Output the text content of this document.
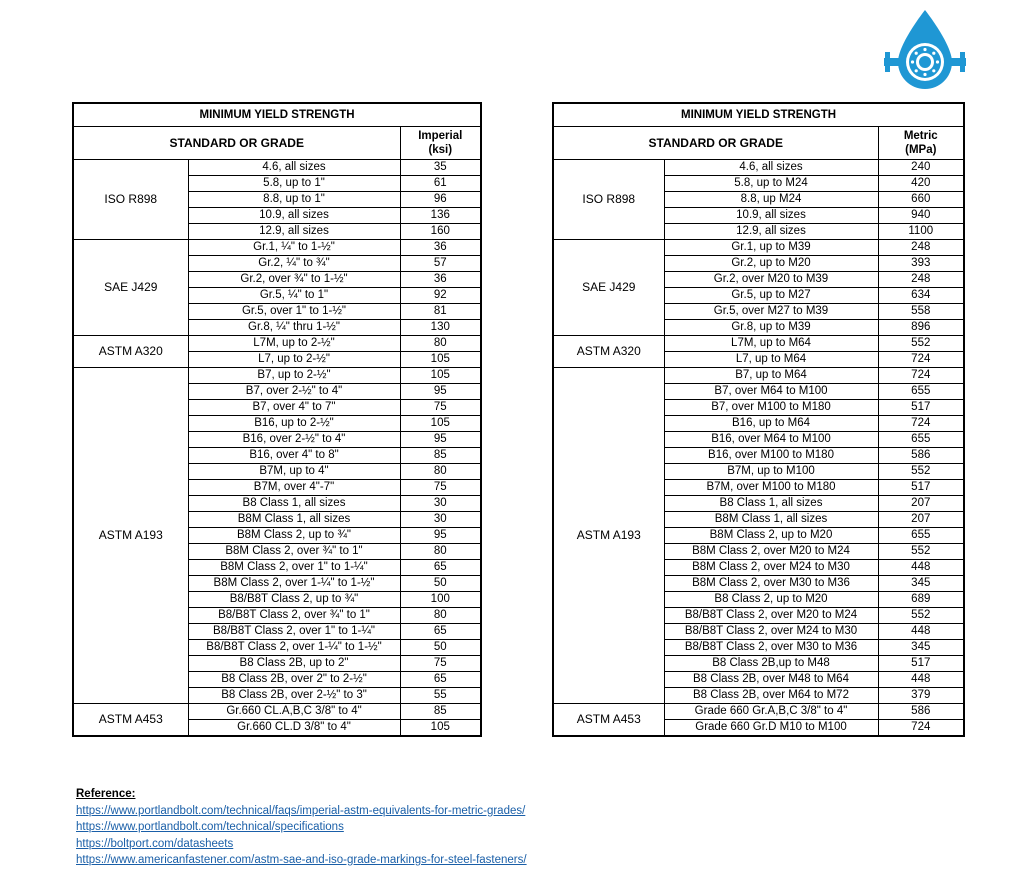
MINIMUM YIELD STRENGTH		
STANDARD OR GRADE		Imperial
(ksi)
ISO R898	4.6, all sizes	35
	5.8, up to 1"	61
	8.8, up to 1"	96
	10.9, all sizes	136
	12.9, all sizes	160
SAE J429	Gr.1, ¼" to 1-½"	36
	Gr.2, ¼" to ¾"	57
	Gr.2, over ¾" to 1-½"	36
	Gr.5, ¼" to 1"	92
	Gr.5, over 1" to 1-½"	81
	Gr.8, ¼" thru 1-½"	130
ASTM A320	L7M, up to 2-½"	80
	L7, up to 2-½"	105
ASTM A193	B7, up to 2-½"	105
	B7, over 2-½" to 4"	95
	B7, over 4" to 7"	75
	B16, up to 2-½"	105
	B16, over 2-½" to 4"	95
	B16, over 4" to 8"	85
	B7M, up to 4"	80
	B7M, over 4"-7"	75
	B8 Class 1, all sizes	30
	B8M Class 1, all sizes	30
	B8M Class 2, up to ¾"	95
	B8M Class 2, over ¾" to 1"	80
	B8M Class 2, over 1" to 1-¼"	65
	B8M Class 2, over 1-¼" to 1-½"	50
	B8/B8T Class 2, up to ¾"	100
	B8/B8T Class 2, over ¾" to 1"	80
	B8/B8T Class 2, over 1" to 1-¼"	65
	B8/B8T Class 2, over 1-¼" to 1-½"	50
	B8 Class 2B, up to 2"	75
	B8 Class 2B, over 2" to 2-½"	65
	B8 Class 2B, over 2-½" to 3"	55
ASTM A453	Gr.660 CL.A,B,C 3/8" to 4"	85
	Gr.660 CL.D 3/8" to 4"	105
MINIMUM YIELD STRENGTH		
STANDARD OR GRADE		Metric
(MPa)
ISO R898	4.6, all sizes	240
	5.8, up to M24	420
	8.8, up M24	660
	10.9, all sizes	940
	12.9, all sizes	1100
SAE J429	Gr.1, up to M39	248
	Gr.2, up to M20	393
	Gr.2, over M20 to M39	248
	Gr.5, up to M27	634
	Gr.5, over M27 to M39	558
	Gr.8, up to M39	896
ASTM A320	L7M, up to M64	552
	L7, up to M64	724
ASTM A193	B7, up to M64	724
	B7, over M64 to M100	655
	B7, over M100 to M180	517
	B16, up to M64	724
	B16, over M64 to M100	655
	B16, over M100 to M180	586
	B7M, up to M100	552
	B7M, over M100 to M180	517
	B8 Class 1, all sizes	207
	B8M Class 1, all sizes	207
	B8M Class 2, up to M20	655
	B8M Class 2, over M20 to M24	552
	B8M Class 2, over M24 to M30	448
	B8M Class 2, over M30 to M36	345
	B8 Class 2, up to M20	689
	B8/B8T Class 2, over M20 to M24	552
	B8/B8T Class 2, over M24 to M30	448
	B8/B8T Class 2, over M30 to M36	345
	B8 Class 2B,up to M48	517
	B8 Class 2B, over M48 to M64	448
	B8 Class 2B, over M64 to M72	379
ASTM A453	Grade 660 Gr.A,B,C 3/8" to 4"	586
	Grade 660 Gr.D M10 to M100	724
Reference:
https://www.portlandbolt.com/technical/faqs/imperial-astm-equivalents-for-metric-grades/
https://www.portlandbolt.com/technical/specifications
https://boltport.com/datasheets
https://www.americanfastener.com/astm-sae-and-iso-grade-markings-for-steel-fasteners/
